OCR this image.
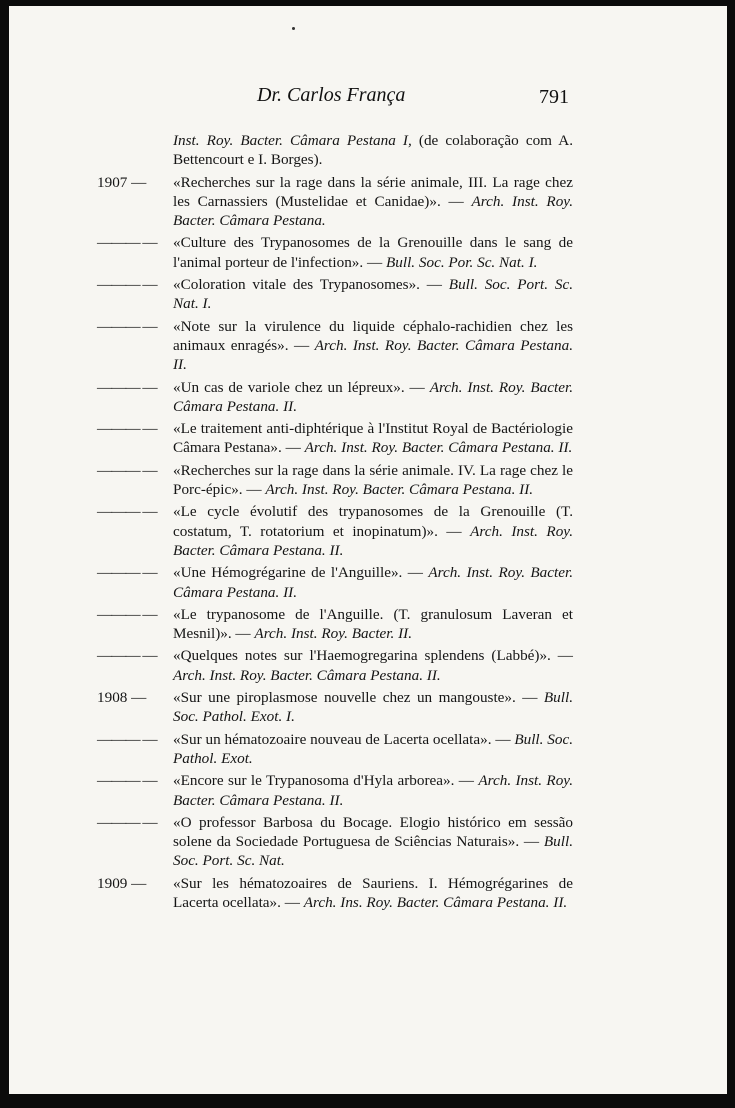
Dr. Carlos França	791
Inst. Roy. Bacter. Câmara Pestana I, (de colaboração com A. Bettencourt e I. Borges).
1907 — «Recherches sur la rage dans la série animale, III. La rage chez les Carnassiers (Mustelidae et Canidae)». — Arch. Inst. Roy. Bacter. Câmara Pestana.
——— — «Culture des Trypanosomes de la Grenouille dans le sang de l'animal porteur de l'infection». — Bull. Soc. Por. Sc. Nat. I.
——— — «Coloration vitale des Trypanosomes». — Bull. Soc. Port. Sc. Nat. I.
——— — «Note sur la virulence du liquide céphalo-rachidien chez les animaux enragés». — Arch. Inst. Roy. Bacter. Câmara Pestana. II.
——— — «Un cas de variole chez un lépreux». — Arch. Inst. Roy. Bacter. Câmara Pestana. II.
——— — «Le traitement anti-diphtérique à l'Institut Royal de Bactériologie Câmara Pestana». — Arch. Inst. Roy. Bacter. Câmara Pestana. II.
——— — «Recherches sur la rage dans la série animale. IV. La rage chez le Porc-épic». — Arch. Inst. Roy. Bacter. Câmara Pestana. II.
——— — «Le cycle évolutif des trypanosomes de la Grenouille (T. costatum, T. rotatorium et inopinatum)». — Arch. Inst. Roy. Bacter. Câmara Pestana. II.
——— — «Une Hémogrégarine de l'Anguille». — Arch. Inst. Roy. Bacter. Câmara Pestana. II.
——— — «Le trypanosome de l'Anguille. (T. granulosum Laveran et Mesnil)». — Arch. Inst. Roy. Bacter. II.
——— — «Quelques notes sur l'Haemogregarina splendens (Labbé)». — Arch. Inst. Roy. Bacter. Câmara Pestana. II.
1908 — «Sur une piroplasmose nouvelle chez un mangouste». — Bull. Soc. Pathol. Exot. I.
——— — «Sur un hématozoaire nouveau de Lacerta ocellata». — Bull. Soc. Pathol. Exot.
——— — «Encore sur le Trypanosoma d'Hyla arborea». — Arch. Inst. Roy. Bacter. Câmara Pestana. II.
——— — «O professor Barbosa du Bocage. Elogio histórico em sessão solene da Sociedade Portuguesa de Sciências Naturais». — Bull. Soc. Port. Sc. Nat.
1909 — «Sur les hématozoaires de Sauriens. I. Hémogrégarines de Lacerta ocellata». — Arch. Ins. Roy. Bacter. Câmara Pestana. II.
